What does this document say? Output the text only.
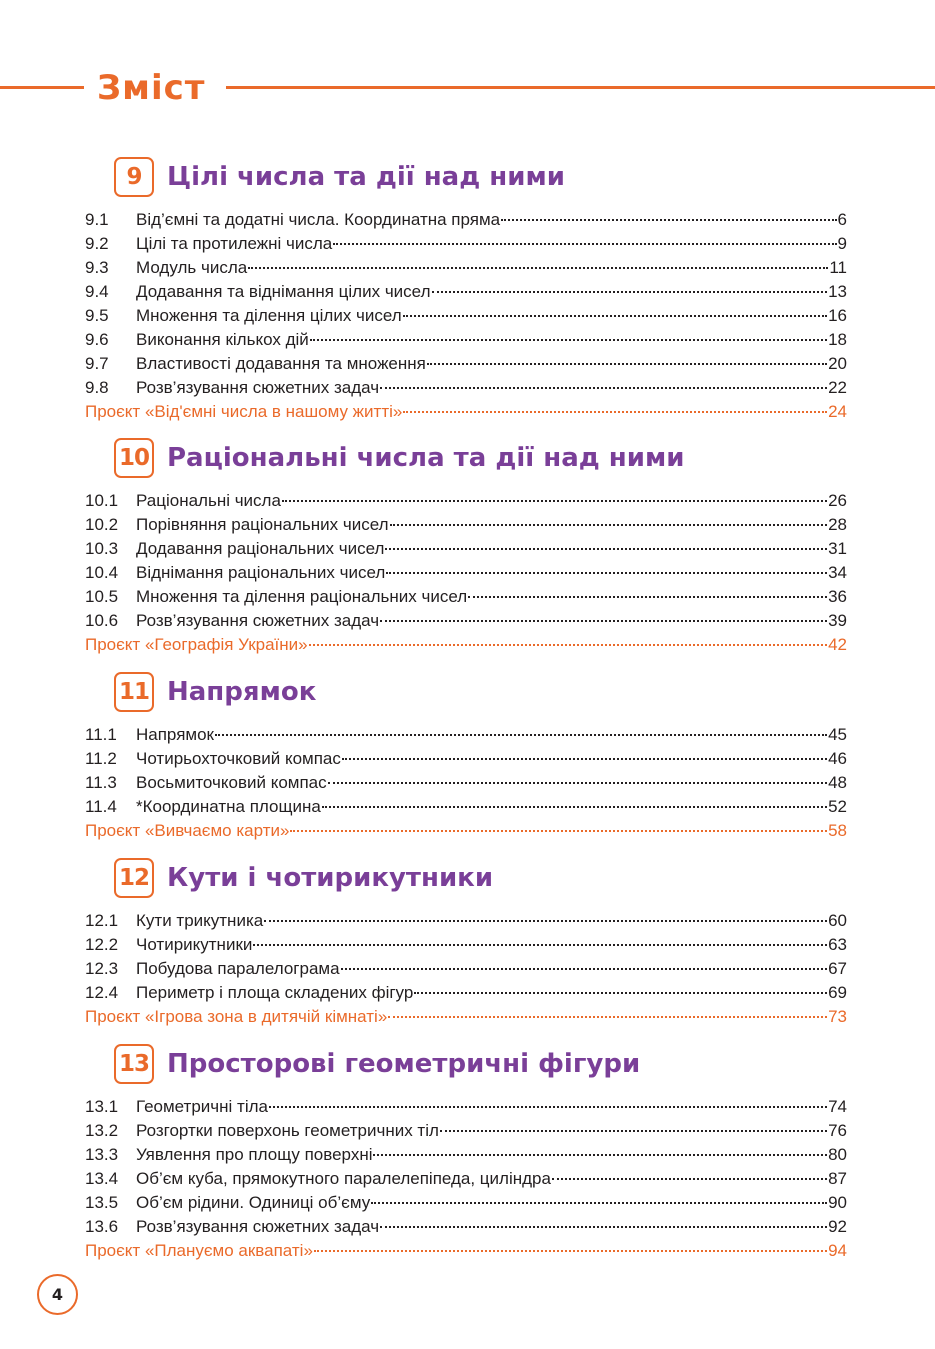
Зміст
9 Цілі числа та дії над ними
9.1	Від’ємні та додатні числа. Координатна пряма	6
9.2	Цілі та протилежні числа	9
9.3	Модуль числа	11
9.4	Додавання та віднімання цілих чисел	13
9.5	Множення та ділення цілих чисел	16
9.6	Виконання кількох дій	18
9.7	Властивості додавання та множення	20
9.8	Розв’язування сюжетних задач	22
Проєкт «Від'ємні числа в нашому житті»	24
10 Раціональні числа та дії над ними
10.1	Раціональні числа	26
10.2	Порівняння раціональних чисел	28
10.3	Додавання раціональних чисел	31
10.4	Віднімання раціональних чисел	34
10.5	Множення та ділення раціональних чисел	36
10.6	Розв’язування сюжетних задач	39
Проєкт «Географія України»	42
11 Напрямок
11.1	Напрямок	45
11.2	Чотирьохточковий компас	46
11.3	Восьмиточковий компас	48
11.4	*Координатна площина	52
Проєкт «Вивчаємо карти»	58
12 Кути і чотирикутники
12.1	Кути трикутника	60
12.2	Чотирикутники	63
12.3	Побудова паралелограма	67
12.4	Периметр і площа складених фігур	69
Проєкт «Ігрова зона в дитячій кімнаті»	73
13 Просторові геометричні фігури
13.1	Геометричні тіла	74
13.2	Розгортки поверхонь геометричних тіл	76
13.3	Уявлення про площу поверхні	80
13.4	Об’єм куба, прямокутного паралелепіпеда, циліндра	87
13.5	Об’єм рідини. Одиниці об’єму	90
13.6	Розв’язування сюжетних задач	92
Проєкт «Плануємо аквапаті»	94
4
